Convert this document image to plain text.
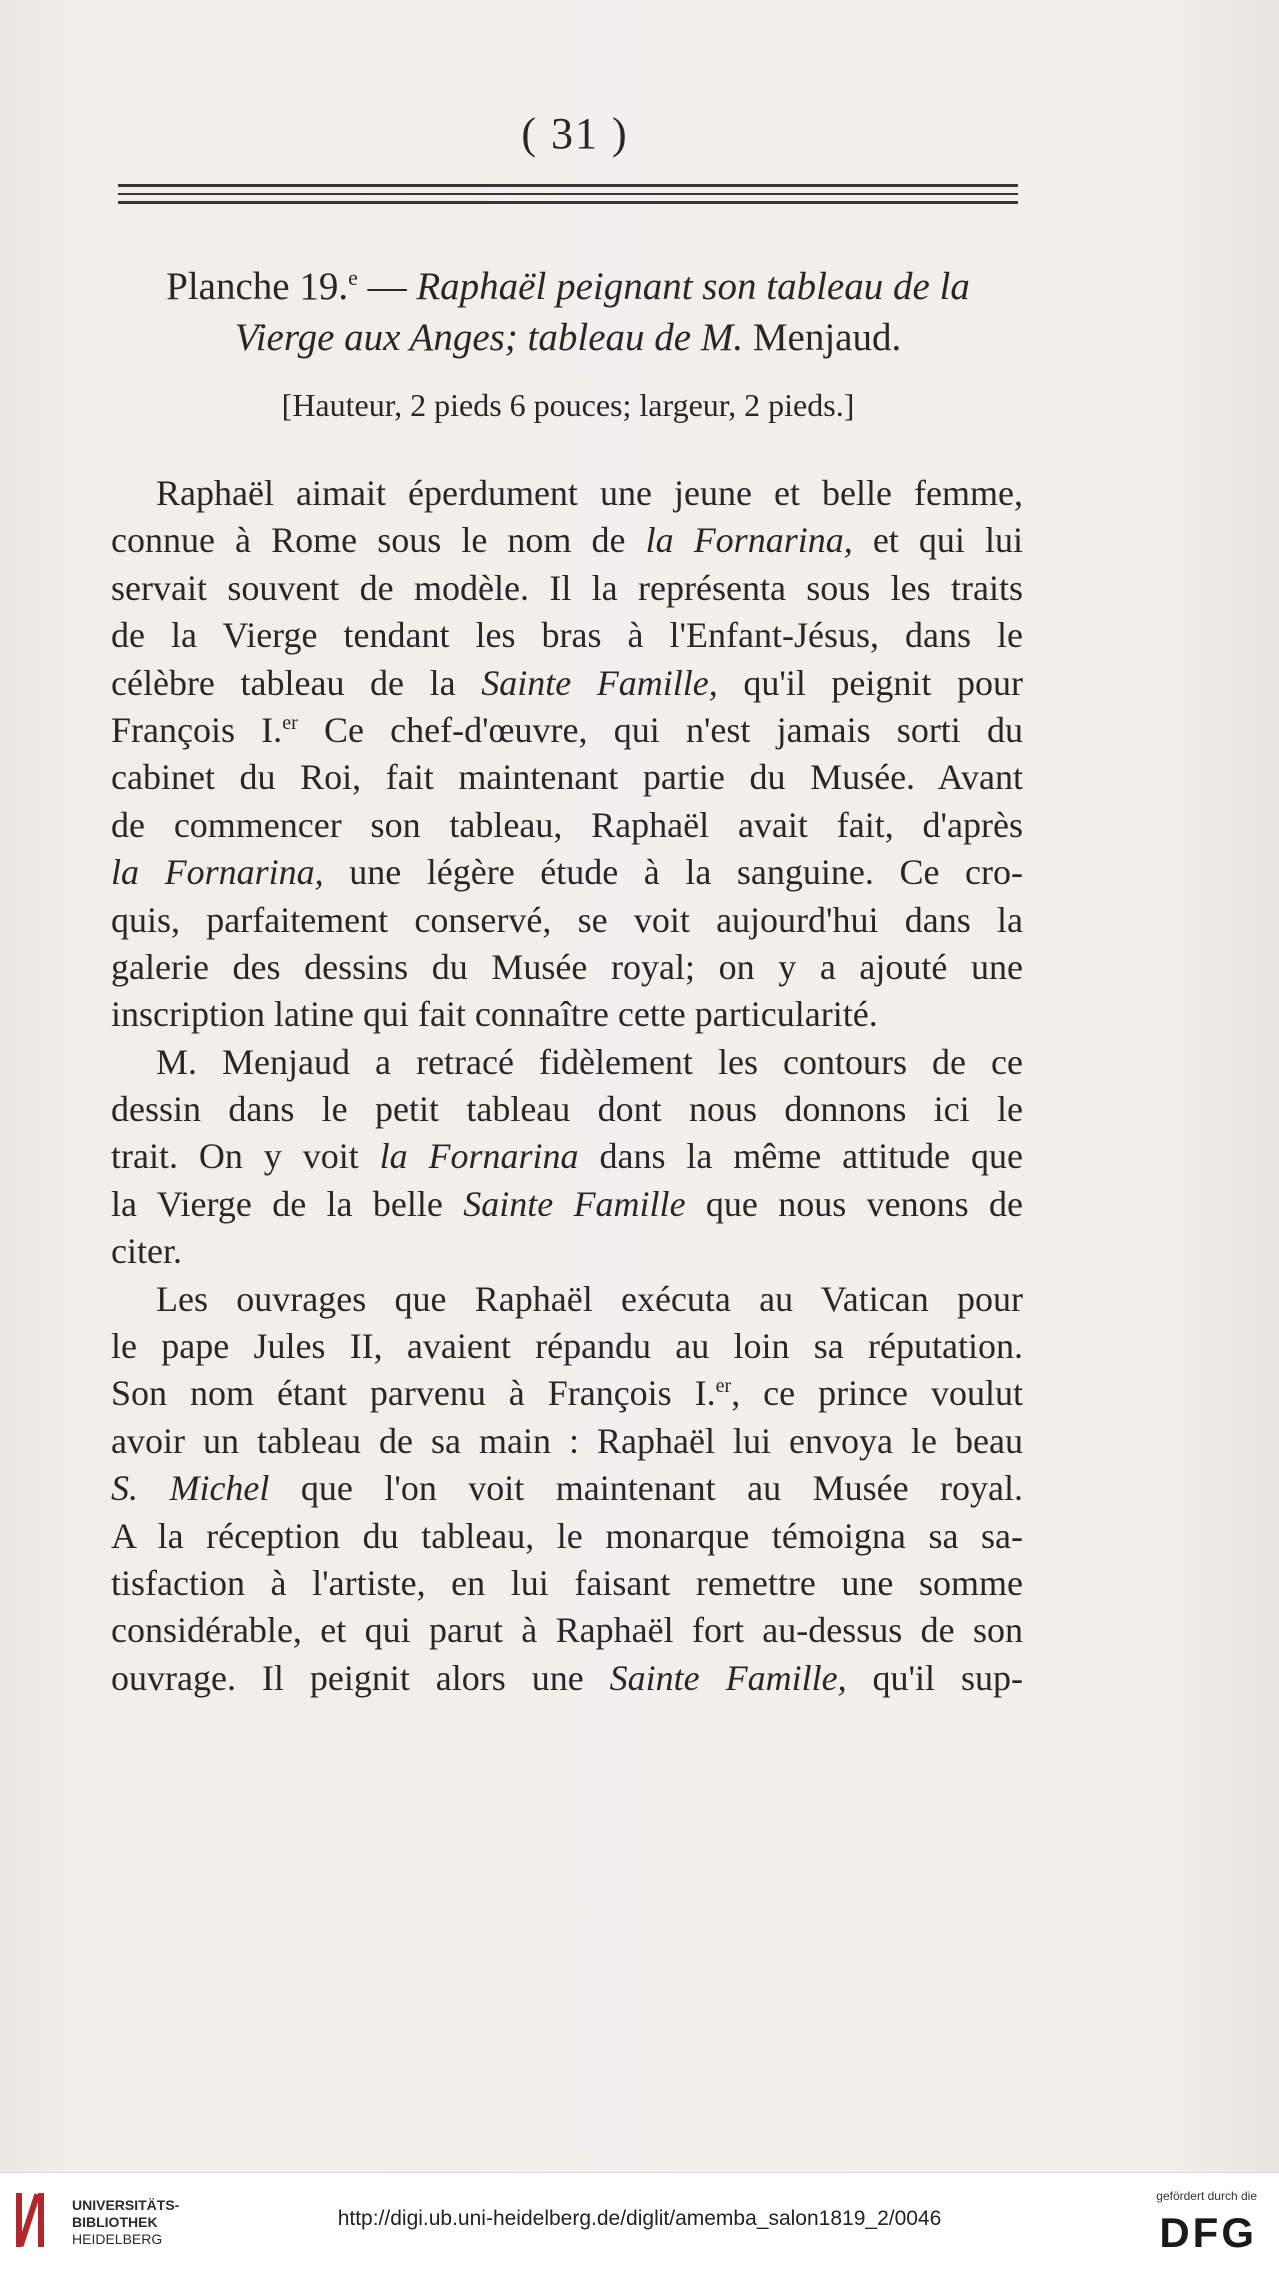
( 31 )
Planche 19.$^e$ — Raphaël peignant son tableau de la
Vierge aux Anges; tableau de M. Menjaud.
[Hauteur, 2 pieds 6 pouces; largeur, 2 pieds.]
Raphaël aimait éperdument une jeune et belle femme,
connue à Rome sous le nom de la Fornarina, et qui lui
servait souvent de modèle. Il la représenta sous les traits
de la Vierge tendant les bras à l'Enfant-Jésus, dans le
célèbre tableau de la Sainte Famille, qu'il peignit pour
François I.$^{er}$ Ce chef-d'œuvre, qui n'est jamais sorti du
cabinet du Roi, fait maintenant partie du Musée. Avant
de commencer son tableau, Raphaël avait fait, d'après
la Fornarina, une légère étude à la sanguine. Ce cro-
quis, parfaitement conservé, se voit aujourd'hui dans la
galerie des dessins du Musée royal; on y a ajouté une
inscription latine qui fait connaître cette particularité.
M. Menjaud a retracé fidèlement les contours de ce
dessin dans le petit tableau dont nous donnons ici le
trait. On y voit la Fornarina dans la même attitude que
la Vierge de la belle Sainte Famille que nous venons de
citer.
Les ouvrages que Raphaël exécuta au Vatican pour
le pape Jules II, avaient répandu au loin sa réputation.
Son nom étant parvenu à François I.$^{er}$, ce prince voulut
avoir un tableau de sa main : Raphaël lui envoya le beau
S. Michel que l'on voit maintenant au Musée royal.
A la réception du tableau, le monarque témoigna sa sa-
tisfaction à l'artiste, en lui faisant remettre une somme
considérable, et qui parut à Raphaël fort au-dessus de son
ouvrage. Il peignit alors une Sainte Famille, qu'il sup-
UNIVERSITÄTS-
BIBLIOTHEK
HEIDELBERG
http://digi.ub.uni-heidelberg.de/diglit/amemba_salon1819_2/0046
gefördert durch die
DFG
